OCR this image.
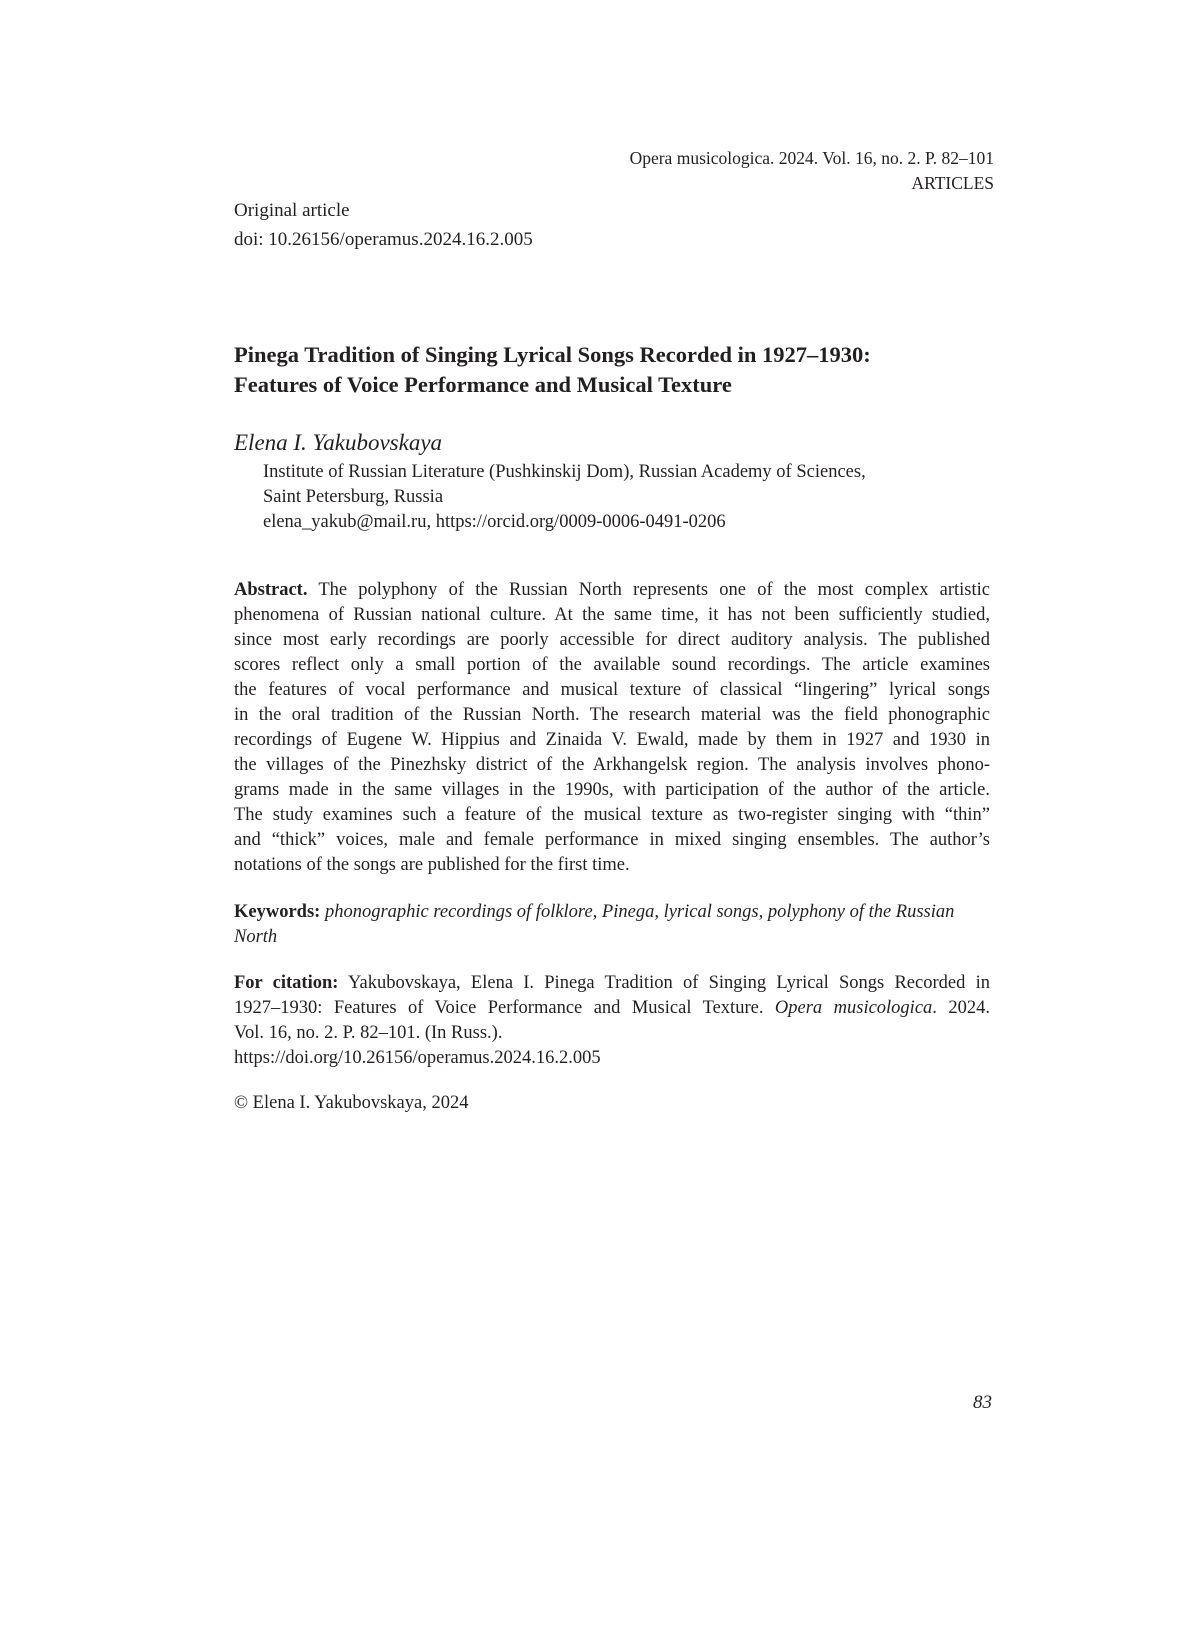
Opera musicologica. 2024. Vol. 16, no. 2. P. 82–101
ARTICLES
Original article
doi: 10.26156/operamus.2024.16.2.005
Pinega Tradition of Singing Lyrical Songs Recorded in 1927–1930:
Features of Voice Performance and Musical Texture
Elena I. Yakubovskaya
Institute of Russian Literature (Pushkinskij Dom), Russian Academy of Sciences,
Saint Petersburg, Russia
elena_yakub@mail.ru, https://orcid.org/0009-0006-0491-0206

Abstract. The polyphony of the Russian North represents one of the most complex artistic
phenomena of Russian national culture. At the same time, it has not been sufficiently studied,
since most early recordings are poorly accessible for direct auditory analysis. The published
scores reflect only a small portion of the available sound recordings. The article examines
the features of vocal performance and musical texture of classical “lingering” lyrical songs
in the oral tradition of the Russian North. The research material was the field phonographic
recordings of Eugene W. Hippius and Zinaida V. Ewald, made by them in 1927 and 1930 in
the villages of the Pinezhsky district of the Arkhangelsk region. The analysis involves phono-
grams made in the same villages in the 1990s, with participation of the author of the article.
The study examines such a feature of the musical texture as two-register singing with “thin”
and “thick” voices, male and female performance in mixed singing ensembles. The author’s
notations of the songs are published for the first time.

Keywords: phonographic recordings of folklore, Pinega, lyrical songs, polyphony of the Russian North

For citation: Yakubovskaya, Elena I. Pinega Tradition of Singing Lyrical Songs Recorded in
1927–1930: Features of Voice Performance and Musical Texture. Opera musicologica. 2024.
Vol. 16, no. 2. P. 82–101. (In Russ.).
https://doi.org/10.26156/operamus.2024.16.2.005

© Elena I. Yakubovskaya, 2024
83
